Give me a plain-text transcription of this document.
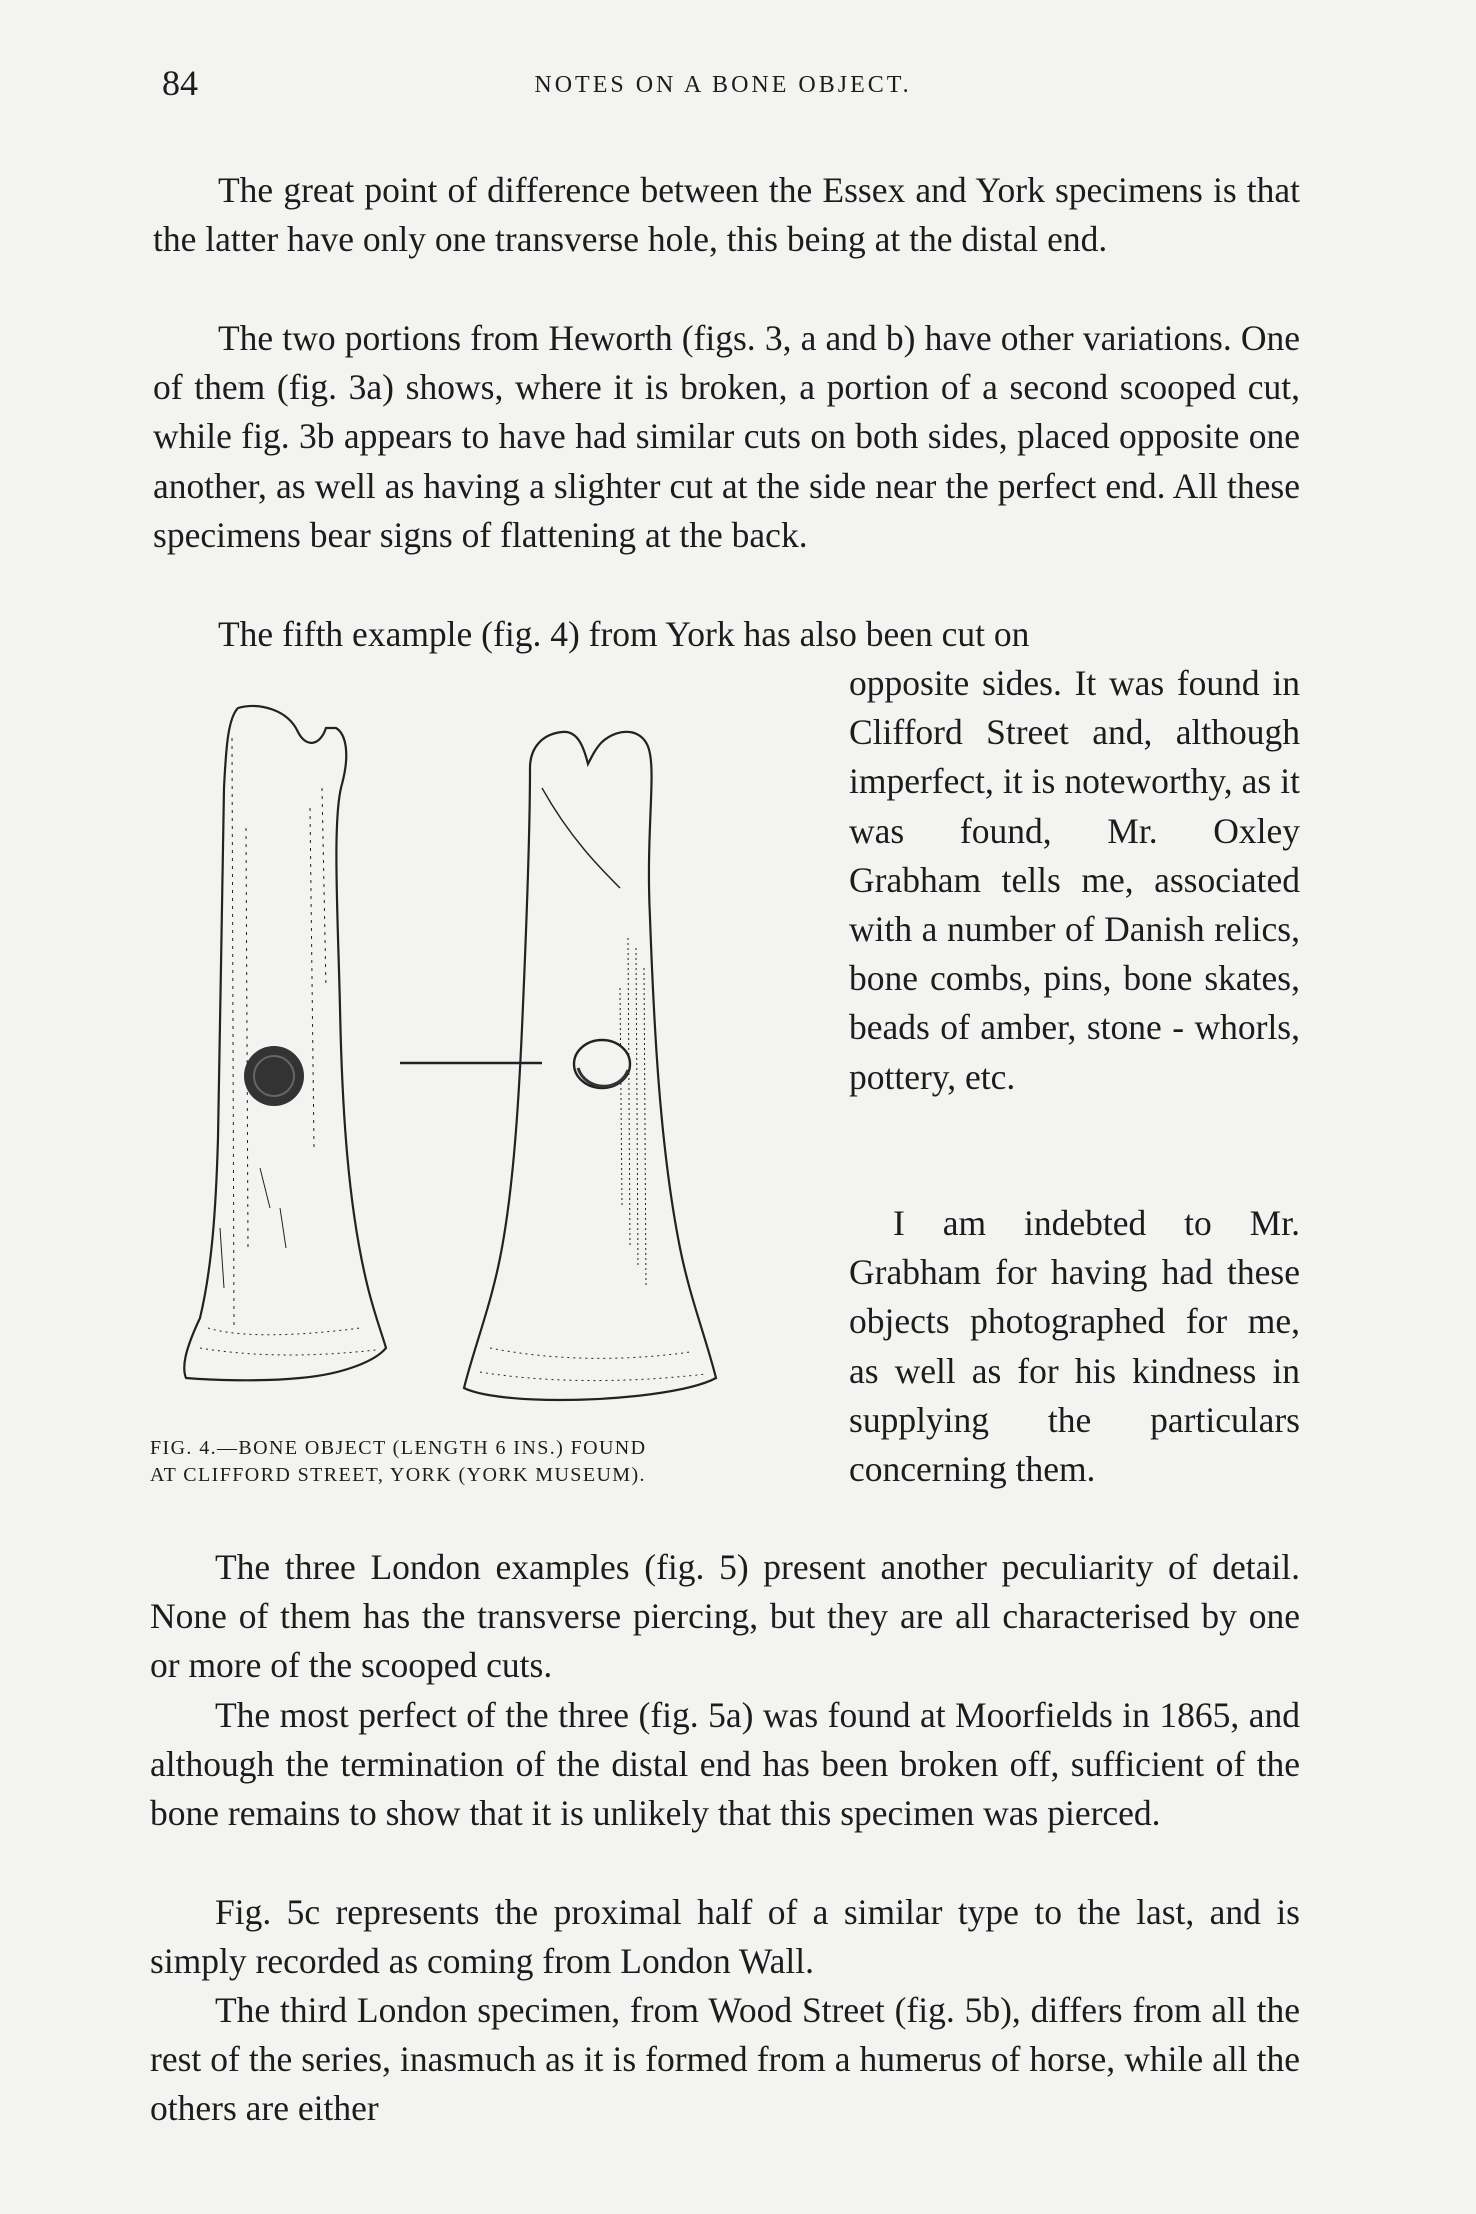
84	NOTES ON A BONE OBJECT.

The great point of difference between the Essex and York specimens is that the latter have only one transverse hole, this being at the distal end.

The two portions from Heworth (figs. 3, a and b) have other variations. One of them (fig. 3a) shows, where it is broken, a portion of a second scooped cut, while fig. 3b appears to have had similar cuts on both sides, placed opposite one another, as well as having a slighter cut at the side near the perfect end. All these specimens bear signs of flattening at the back.

The fifth example (fig. 4) from York has also been cut on

opposite sides. It was found in Clifford Street and, although imperfect, it is noteworthy, as it was found, Mr. Oxley Grabham tells me, associated with a number of Danish relics, bone combs, pins, bone skates, beads of amber, stone - whorls, pottery, etc.

I am indebted to Mr. Grabham for having had these objects photographed for me, as well as for his kindness in supplying the particulars concerning them.

The three London examples (fig. 5) present another peculiarity of detail. None of them has the transverse piercing, but they are all characterised by one or more of the scooped cuts.

The most perfect of the three (fig. 5a) was found at Moorfields in 1865, and although the termination of the distal end has been broken off, sufficient of the bone remains to show that it is unlikely that this specimen was pierced.

Fig. 5c represents the proximal half of a similar type to the last, and is simply recorded as coming from London Wall.

The third London specimen, from Wood Street (fig. 5b), differs from all the rest of the series, inasmuch as it is formed from a humerus of horse, while all the others are either

FIG. 4.—BONE OBJECT (LENGTH 6 INS.) FOUND
AT CLIFFORD STREET, YORK (YORK MUSEUM).
